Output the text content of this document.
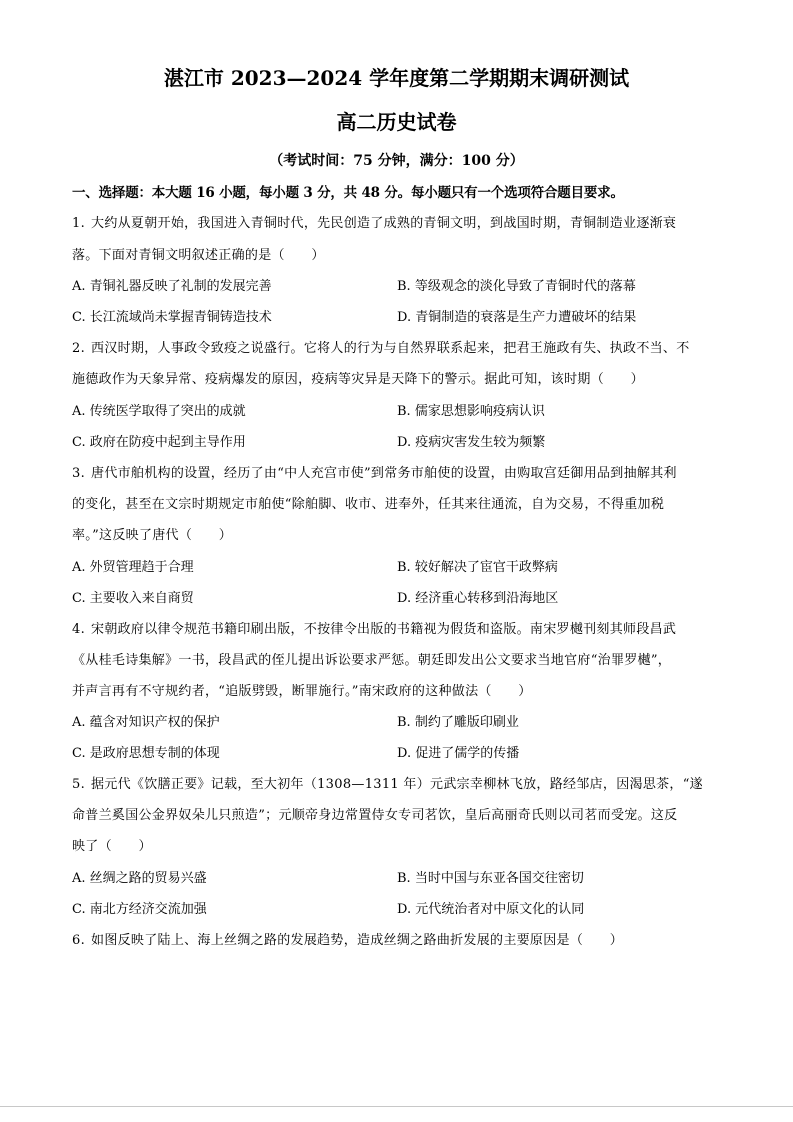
湛江市 2023—2024 学年度第二学期期末调研测试
高二历史试卷
（考试时间：75 分钟，满分：100 分）
一、选择题：本大题 16 小题，每小题 3 分，共 48 分。每小题只有一个选项符合题目要求。
1. 大约从夏朝开始，我国进入青铜时代，先民创造了成熟的青铜文明，到战国时期，青铜制造业逐渐衰
落。下面对青铜文明叙述正确的是（　　）
A. 青铜礼器反映了礼制的发展完善	B. 等级观念的淡化导致了青铜时代的落幕
C. 长江流域尚未掌握青铜铸造技术	D. 青铜制造的衰落是生产力遭破坏的结果
2. 西汉时期，人事政令致疫之说盛行。它将人的行为与自然界联系起来，把君王施政有失、执政不当、不
施德政作为天象异常、疫病爆发的原因，疫病等灾异是天降下的警示。据此可知，该时期（　　）
A. 传统医学取得了突出的成就	B. 儒家思想影响疫病认识
C. 政府在防疫中起到主导作用	D. 疫病灾害发生较为频繁
3. 唐代市舶机构的设置，经历了由“中人充宫市使”到常务市舶使的设置，由购取宫廷御用品到抽解其利
的变化，甚至在文宗时期规定市舶使“除舶脚、收市、进奉外，任其来往通流，自为交易，不得重加税
率。”这反映了唐代（　　）
A. 外贸管理趋于合理	B. 较好解决了宦官干政弊病
C. 主要收入来自商贸	D. 经济重心转移到沿海地区
4. 宋朝政府以律令规范书籍印刷出版，不按律令出版的书籍视为假货和盗版。南宋罗樾刊刻其师段昌武
《从桂毛诗集解》一书，段昌武的侄儿提出诉讼要求严惩。朝廷即发出公文要求当地官府“治罪罗樾”，
并声言再有不守规约者，“追版劈毁，断罪施行。”南宋政府的这种做法（　　）
A. 蕴含对知识产权的保护	B. 制约了雕版印刷业
C. 是政府思想专制的体现	D. 促进了儒学的传播
5. 据元代《饮膳正要》记载，至大初年（1308—1311 年）元武宗幸柳林飞放，路经邹店，因渴思茶，“遂
命普兰奚国公金界奴朵儿只煎造”；元顺帝身边常置侍女专司茗饮，皇后高丽奇氏则以司茗而受宠。这反
映了（　　）
A. 丝绸之路的贸易兴盛	B. 当时中国与东亚各国交往密切
C. 南北方经济交流加强	D. 元代统治者对中原文化的认同
6. 如图反映了陆上、海上丝绸之路的发展趋势，造成丝绸之路曲折发展的主要原因是（　　）
